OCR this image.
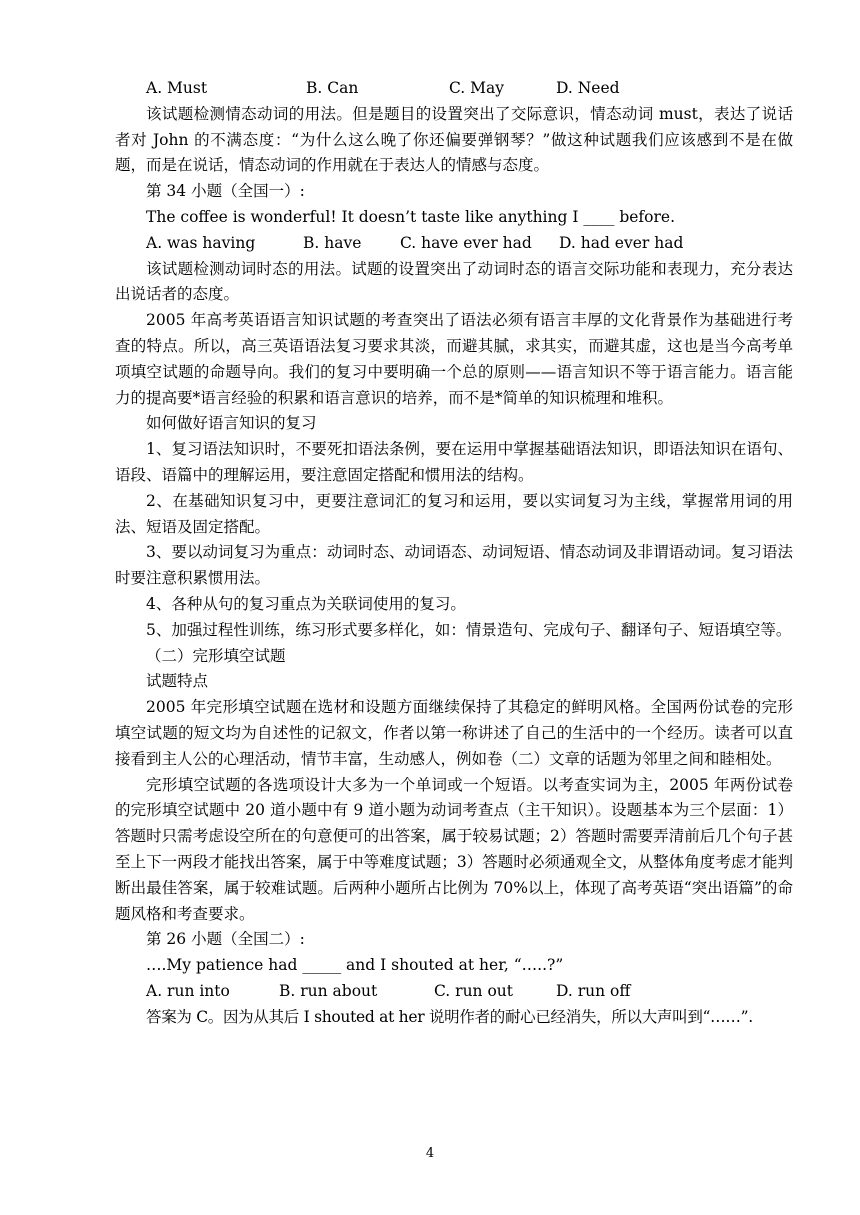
A. Must	B. Can	C. May	D. Need

该试题检测情态动词的用法。但是题目的设置突出了交际意识，情态动词 must，表达了说话者对 John 的不满态度：“为什么这么晚了你还偏要弹钢琴？”做这种试题我们应该感到不是在做题，而是在说话，情态动词的作用就在于表达人的情感与态度。

第 34 小题（全国一）:

The coffee is wonderful! It doesn’t taste like anything I ____ before.

A. was having	B. have C. have ever had D. had ever had

该试题检测动词时态的用法。试题的设置突出了动词时态的语言交际功能和表现力，充分表达出说话者的态度。

2005 年高考英语语言知识试题的考查突出了语法必须有语言丰厚的文化背景作为基础进行考查的特点。所以，高三英语语法复习要求其淡，而避其腻，求其实，而避其虚，这也是当今高考单项填空试题的命题导向。我们的复习中要明确一个总的原则——语言知识不等于语言能力。语言能力的提高要*语言经验的积累和语言意识的培养，而不是*简单的知识梳理和堆积。

如何做好语言知识的复习

1、复习语法知识时，不要死扣语法条例，要在运用中掌握基础语法知识，即语法知识在语句、语段、语篇中的理解运用，要注意固定搭配和惯用法的结构。

2、在基础知识复习中，更要注意词汇的复习和运用，要以实词复习为主线，掌握常用词的用法、短语及固定搭配。

3、要以动词复习为重点：动词时态、动词语态、动词短语、情态动词及非谓语动词。复习语法时要注意积累惯用法。

4、各种从句的复习重点为关联词使用的复习。

5、加强过程性训练，练习形式要多样化，如：情景造句、完成句子、翻译句子、短语填空等。

（二）完形填空试题

试题特点

2005 年完形填空试题在选材和设题方面继续保持了其稳定的鲜明风格。全国两份试卷的完形填空试题的短文均为自述性的记叙文，作者以第一称讲述了自己的生活中的一个经历。读者可以直接看到主人公的心理活动，情节丰富，生动感人，例如卷（二）文章的话题为邻里之间和睦相处。

完形填空试题的各选项设计大多为一个单词或一个短语。以考查实词为主，2005 年两份试卷的完形填空试题中 20 道小题中有 9 道小题为动词考查点（主干知识）。设题基本为三个层面：1）答题时只需考虑设空所在的句意便可的出答案，属于较易试题；2）答题时需要弄清前后几个句子甚至上下一两段才能找出答案，属于中等难度试题；3）答题时必须通观全文，从整体角度考虑才能判断出最佳答案，属于较难试题。后两种小题所占比例为 70%以上，体现了高考英语“突出语篇”的命题风格和考查要求。

第 26 小题（全国二）:

….My patience had _____ and I shouted at her, “…..?”

A. run into	B. run about	C. run out	D. run off

答案为 C。因为从其后 I shouted at her 说明作者的耐心已经消失，所以大声叫到“……”.

4
